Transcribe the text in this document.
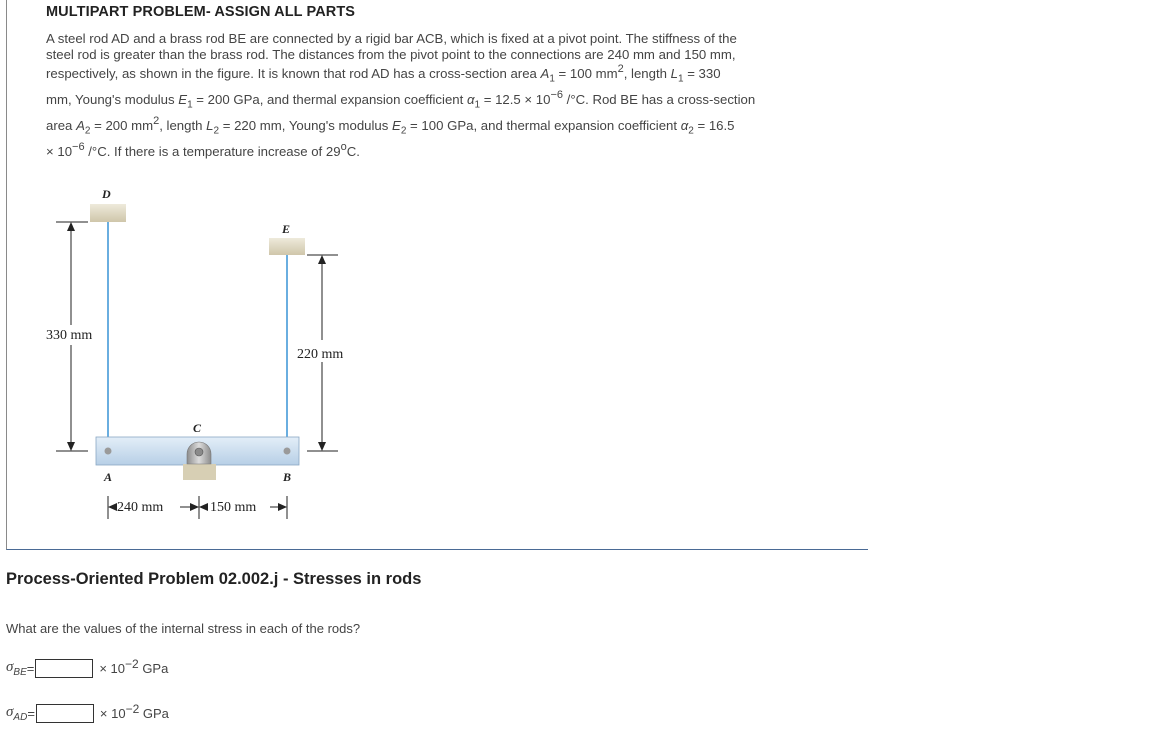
MULTIPART PROBLEM- ASSIGN ALL PARTS
A steel rod AD and a brass rod BE are connected by a rigid bar ACB, which is fixed at a pivot point. The stiffness of the
steel rod is greater than the brass rod. The distances from the pivot point to the connections are 240 mm and 150 mm,
respectively, as shown in the figure. It is known that rod AD has a cross-section area $A_1 = 100$ $mm^2$, length $L_1 = 330$
mm, Young's modulus $E_1 = 200$ GPa, and thermal expansion coefficient $\alpha_1 = 12.5 \times 10^{-6}$ /°C. Rod BE has a cross-section
area $A_2 = 200$ $mm^2$, length $L_2 = 220$ mm, Young's modulus $E_2 = 100$ GPa, and thermal expansion coefficient $\alpha_2 = 16.5$
× $10^{-6}$ /°C. If there is a temperature increase of 29$^o$C.
D
E
C
A	B
330 mm
220 mm
240 mm	150 mm
Process-Oriented Problem 02.002.j - Stresses in rods
What are the values of the internal stress in each of the rods?
$\sigma_{BE}$ =	× $10^{-2}$ GPa
$\sigma_{AD}$ =	× $10^{-2}$ GPa
